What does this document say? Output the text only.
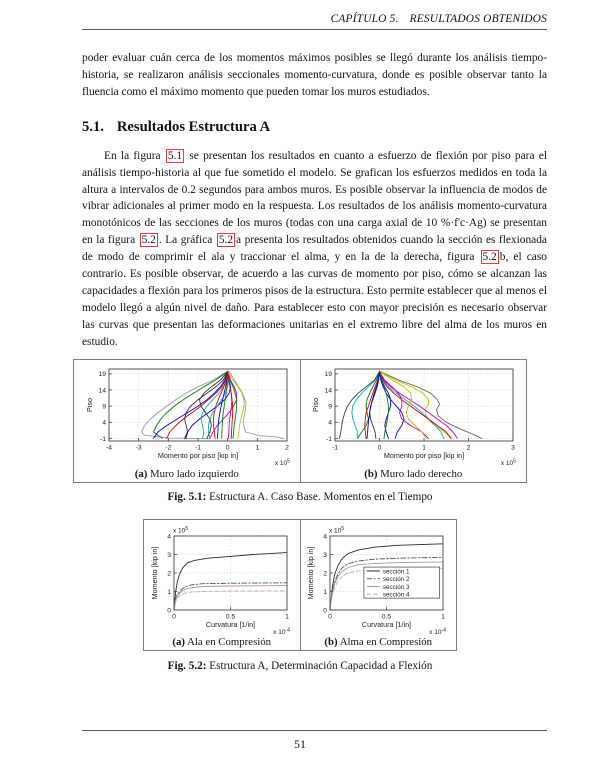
CAPÍTULO 5. RESULTADOS OBTENIDOS

poder evaluar cuán cerca de los momentos máximos posibles se llegó durante los análisis tiempo-historia, se realizaron análisis seccionales momento-curvatura, donde es posible observar tanto la fluencia como el máximo momento que pueden tomar los muros estudiados.

5.1. Resultados Estructura A

En la figura 5.1 se presentan los resultados en cuanto a esfuerzo de flexión por piso para el análisis tiempo-historia al que fue sometido el modelo. Se grafican los esfuerzos medidos en toda la altura a intervalos de 0.2 segundos para ambos muros. Es posible observar la influencia de modos de vibrar adicionales al primer modo en la respuesta. Los resultados de los análisis momento-curvatura monotónicos de las secciones de los muros (todas con una carga axial de 10 %·f'c·Ag) se presentan en la figura 5.2 . La gráfica 5.2 a presenta los resultados obtenidos cuando la sección es flexionada de modo de comprimir el ala y traccionar el alma, y en la de la derecha, figura 5.2 b, el caso contrario. Es posible observar, de acuerdo a las curvas de momento por piso, cómo se alcanzan las capacidades a flexión para los primeros pisos de la estructura. Esto permite establecer que al menos el modelo llegó a algún nivel de daño. Para establecer esto con mayor precisión es necesario observar las curvas que presentan las deformaciones unitarias en el extremo libre del alma de los muros en estudio.

-4	-3	-2	-1	0	1	2
-1
4
9
14
19
Momento por piso [kip in]
x $10^5$
Piso
(a) Muro lado izquierdo
-1	0	1	2	3
-1
4
9
14
19
Momento por piso [kip in]
x $10^5$
Piso
(b) Muro lado derecho
Fig. 5.1: Estructura A. Caso Base. Momentos en el Tiempo
0	0.5	1
0
1
2
3
4
Curvatura [1/in]
x $10^{-4}$
x $10^5$
Momento [kip in]
(a) Ala en Compresión
0	0.5	1
0
1
2
3
4
Curvatura [1/in]
x $10^{-4}$
x $10^5$
Momento [kip in]	sección 1
sección 2
sección 3
sección 4
(b) Alma en Compresión
Fig. 5.2: Estructura A, Determinación Capacidad a Flexión
51
